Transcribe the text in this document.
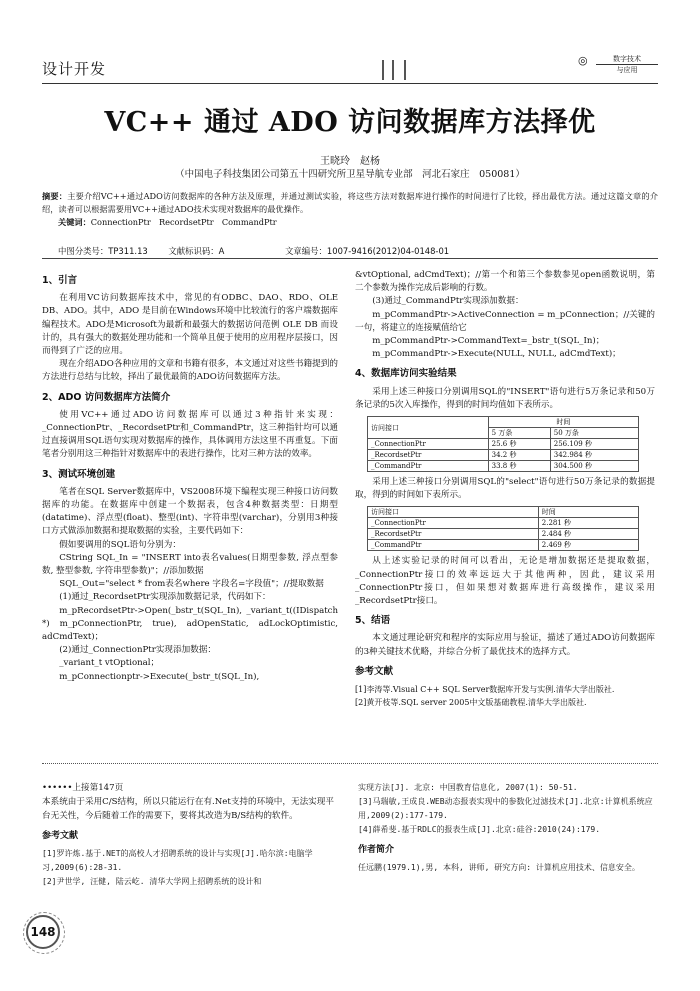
设计开发	◎	数字技术
与应用
VC++ 通过 ADO 访问数据库方法择优
王晓玲　赵杨
（中国电子科技集团公司第五十四研究所卫星导航专业部　河北石家庄　050081）
摘要：主要介绍VC++通过ADO访问数据库的各种方法及原理，并通过测试实验，将这些方法对数据库进行操作的时间进行了比较，择出最优方法。通过这篇文章的介绍，读者可以根据需要用VC++通过ADO技术实现对数据库的最优操作。
关键词：ConnectionPtr　RecordsetPtr　CommandPtr
中图分类号：TP311.13 文献标识码：A	文章编号：1007-9416(2012)04-0148-01
1、引言

在利用VC访问数据库技术中，常见的有ODBC、DAO、RDO、OLE DB、ADO。其中，ADO 是目前在Windows环境中比较流行的客户端数据库编程技术。ADO是Microsoft为最新和最强大的数据访问范例 OLE DB 而设计的，具有强大的数据处理功能和一个简单且便于使用的应用程序层接口，因而得到了广泛的应用。

现在介绍ADO各种应用的文章和书籍有很多，本文通过对这些书籍提到的方法进行总结与比较，择出了最优最简的ADO访问数据库方法。

2、ADO 访问数据库方法简介

使用VC++通过ADO访问数据库可以通过3种指针来实现：_ConnectionPtr、_RecordsetPtr和_CommandPtr，这三种指针均可以通过直接调用SQL语句实现对数据库的操作，具体调用方法这里不再重复。下面笔者分别用这三种指针对数据库中的表进行操作，比对三种方法的效率。

3、测试环境创建

笔者在SQL Server数据库中，VS2008环境下编程实现三种接口访问数据库的功能。在数据库中创建一个数据表，包含4种数据类型：日期型(datatime)、浮点型(float)、整型(int)、字符串型(varchar)，分别用3种接口方式做添加数据和提取数据的实验，主要代码如下：

假如要调用的SQL语句分别为：

CString SQL_In = "INSERT into表名values(日期型参数, 浮点型参数, 整型参数, 字符串型参数)"；//添加数据

SQL_Out="select * from表名where 字段名=字段值"；//提取数据

(1)通过_RecordsetPtr实现添加数据记录，代码如下：

m_pRecordsetPtr->Open(_bstr_t(SQL_In), _variant_t((IDispatch *) m_pConnectionPtr, true), adOpenStatic, adLockOptimistic, adCmdText)；

(2)通过_ConnectionPtr实现添加数据：

_variant_t vtOptional；

m_pConnectionptr->Execute(_bstr_t(SQL_In),

&vtOptional, adCmdText)；//第一个和第三个参数参见open函数说明，第二个参数为操作完成后影响的行数。

(3)通过_CommandPtr实现添加数据：

m_pCommandPtr->ActiveConnection = m_pConnection；//关键的一句，将建立的连接赋值给它

m_pCommandPtr->CommandText=_bstr_t(SQL_In)；

m_pCommandPtr->Execute(NULL, NULL, adCmdText)；

4、数据库访问实验结果

采用上述三种接口分别调用SQL的"INSERT"语句进行5万条记录和50万条记录的5次入库操作，得到的时间均值如下表所示。

访问接口	时间	
	5 万条	50 万条
_ConnectionPtr	25.6 秒	256.109 秒
_RecordsetPtr	34.2 秒	342.984 秒
_CommandPtr	33.8 秒	304.500 秒

采用上述三种接口分别调用SQL的"select"语句进行50万条记录的数据提取，得到的时间如下表所示。

访问接口	时间
_ConnectionPtr	2.281 秒
_RecordsetPtr	2.484 秒
_CommandPtr	2.469 秒

从上述实验记录的时间可以看出，无论是增加数据还是提取数据，_ConnectionPtr接口的效率远远大于其他两种，因此，建议采用_ConnectionPtr接口，但如果想对数据库进行高级操作，建议采用_RecordsetPtr接口。

5、结语

本文通过理论研究和程序的实际应用与验证，描述了通过ADO访问数据库的3种关键技术优略，并综合分析了最优技术的选择方式。

参考文献

[1]李涛等.Visual C++ SQL Server数据库开发与实例.清华大学出版社.

[2]黄开枝等.SQL server 2005中文版基础教程.清华大学出版社.

••••••上接第147页
本系统由于采用C/S结构，所以只能运行在有.Net支持的环境中，无法实现平台无关性，今后随着工作的需要下，要将其改造为B/S结构的软件。
参考文献
[1]罗许炼.基于.NET的高校人才招聘系统的设计与实现[J].哈尔滨:电脑学习,2009(6):28-31.
[2]尹世学, 汪健, 陆云屹. 清华大学网上招聘系统的设计和
实现方法[J]. 北京: 中国教育信息化, 2007(1): 50-51.
[3]马瑞敏,王成良.WEB动态报表实现中的参数化过滤技术[J].北京:计算机系统应用,2009(2):177-179.
[4]薛希斐.基于RDLC的报表生成[J].北京:硅谷:2010(24):179.
作者简介
任远鹏(1979.1),男, 本科, 讲师, 研究方向: 计算机应用技术、信息安全。
148
